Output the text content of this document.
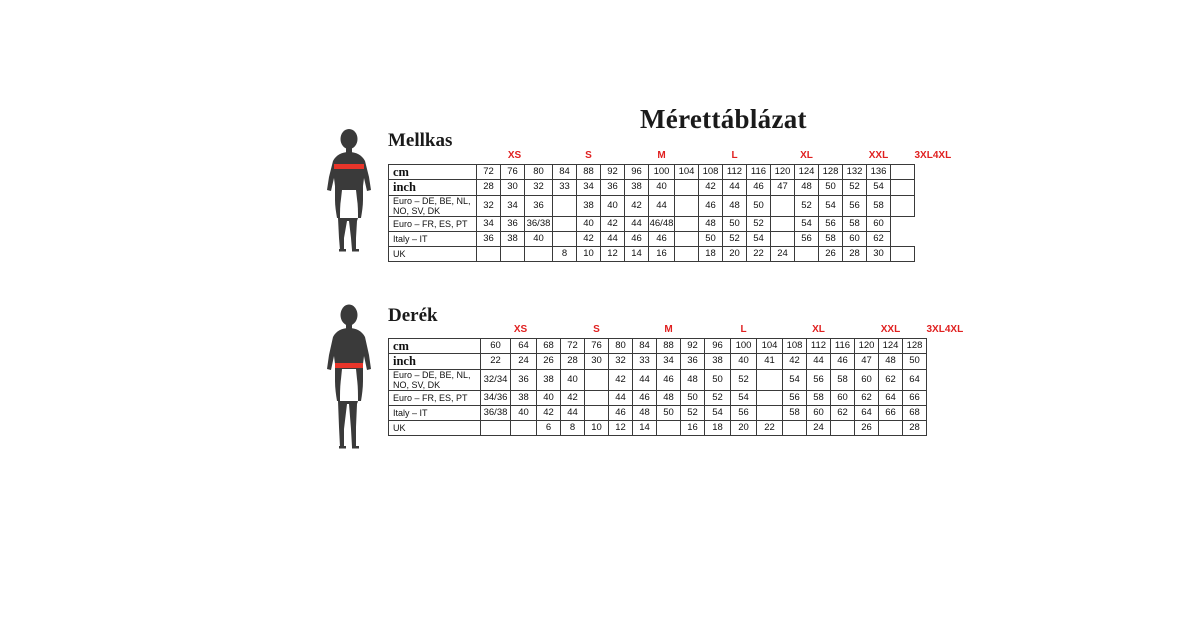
Mérettáblázat
Mellkas
	XS			S			M			L			XL			XXL			3XL	4XL
cm	72	76	80	84	88	92	96	100	104	108	112	116	120	124	128	132	136			
inch	28	30	32	33	34	36	38	40		42	44	46	47	48	50	52	54			
Euro – DE, BE, NL, NO, SV, DK	32	34	36		38	40	42	44		46	48	50		52	54	56	58			
Euro – FR, ES, PT	34	36	36/38		40	42	44	46/48		48	50	52		54	56	58	60			
Italy – IT	36	38	40		42	44	46	46		50	52	54		56	58	60	62			
UK				8	10	12	14	16		18	20	22	24		26	28	30			
Derék
	XS			S			M			L			XL			XXL			3XL	4XL
cm	60	64	68	72	76	80	84	88	92	96	100	104	108	112	116	120	124	128		
inch	22	24	26	28	30	32	33	34	36	38	40	41	42	44	46	47	48	50		
Euro – DE, BE, NL, NO, SV, DK	32/34	36	38	40		42	44	46	48	50	52		54	56	58	60	62	64		
Euro – FR, ES, PT	34/36	38	40	42		44	46	48	50	52	54		56	58	60	62	64	66		
Italy – IT	36/38	40	42	44		46	48	50	52	54	56		58	60	62	64	66	68		
UK			6	8	10	12	14		16	18	20	22		24		26		28		
